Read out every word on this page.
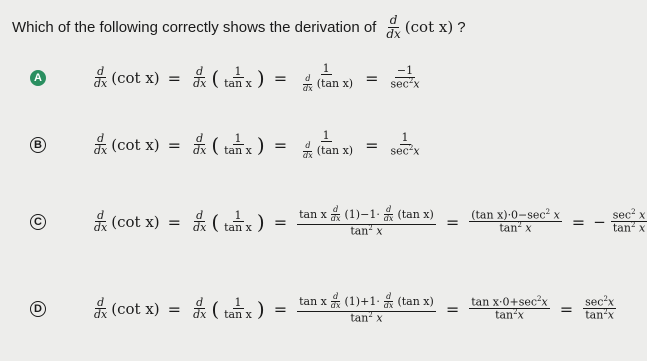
Which of the following correctly shows the derivation of $\frac{d}{dx} (\cot$ x) ?
A	$\frac{d}{dx} (\cot$ $x) = \frac{d}{dx}$ ( $\frac{1}{\text{tan x}}$ ) = $\frac{1}{\frac{d}{dx} (\tan x)} = \frac{-1}{\sec^2x}$
B	$\frac{d}{dx} (\cot$ $x) = \frac{d}{dx}$ ( $\frac{1}{\text{tan x}}$ ) = $\frac{1}{\frac{d}{dx} (\tan x)} = \frac{1}{\sec^2x}$
C	$\frac{d}{dx} (\cot$ $x) = \frac{d}{dx}$ ( $\frac{1}{\text{tan x}}$ ) = $\frac{\tan x \frac{d}{dx} (1)-1\cdot \frac{d}{dx} (\tan x)}{\tan^2 x} = \frac{(\tan x)\cdot 0-\sec^2 x}{\tan^2 x}$ = − $\frac{\sec^2 x}{\tan^2 x}$
D	$\frac{d}{dx} (\cot$ $x) = \frac{d}{dx}$ ( $\frac{1}{\text{tan x}}$ ) = $\frac{\tan x \frac{d}{dx} (1)+1\cdot \frac{d}{dx} (\tan x)}{\tan^2 x} = \frac{\tan x\cdot 0+\sec^2x}{\tan^2x} = \frac{\sec^2x}{\tan^2x}$
